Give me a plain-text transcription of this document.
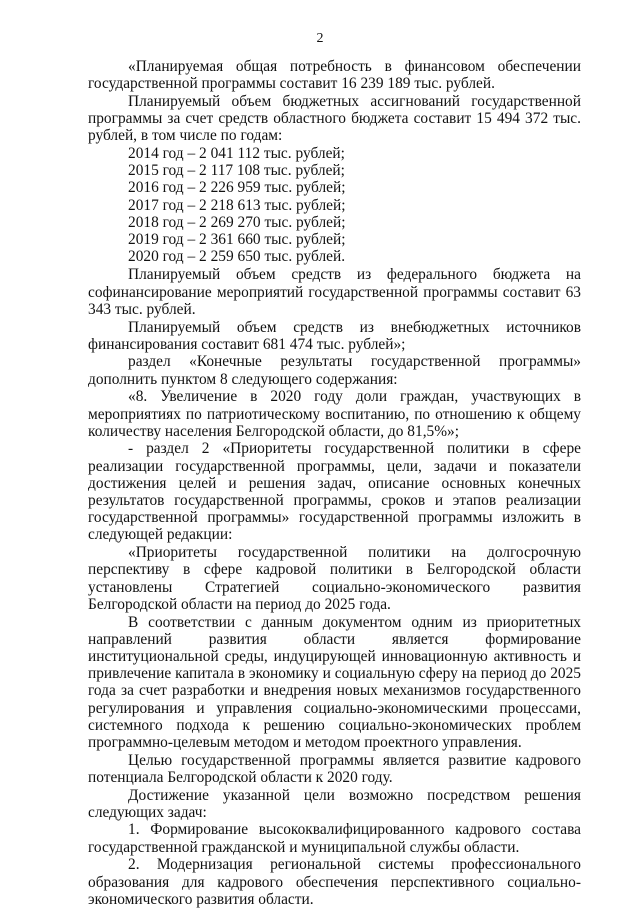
2

«Планируемая общая потребность в финансовом обеспечении государственной программы составит 16 239 189 тыс. рублей.

Планируемый объем бюджетных ассигнований государственной программы за счет средств областного бюджета составит 15 494 372 тыс. рублей, в том числе по годам:

2014 год – 2 041 112 тыс. рублей;
2015 год – 2 117 108 тыс. рублей;
2016 год – 2 226 959 тыс. рублей;
2017 год – 2 218 613 тыс. рублей;
2018 год – 2 269 270 тыс. рублей;
2019 год – 2 361 660 тыс. рублей;
2020 год – 2 259 650 тыс. рублей.

Планируемый объем средств из федерального бюджета на софинансирование мероприятий государственной программы составит 63 343 тыс. рублей.

Планируемый объем средств из внебюджетных источников финансирования составит 681 474 тыс. рублей»;

раздел «Конечные результаты государственной программы» дополнить пунктом 8 следующего содержания:

«8. Увеличение в 2020 году доли граждан, участвующих в мероприятиях по патриотическому воспитанию, по отношению к общему количеству населения Белгородской области, до 81,5%»;

- раздел 2 «Приоритеты государственной политики в сфере реализации государственной программы, цели, задачи и показатели достижения целей и решения задач, описание основных конечных результатов государственной программы, сроков и этапов реализации государственной программы» государственной программы изложить в следующей редакции:

«Приоритеты государственной политики на долгосрочную перспективу в сфере кадровой политики в Белгородской области установлены Стратегией социально-экономического развития Белгородской области на период до 2025 года.

В соответствии с данным документом одним из приоритетных направлений развития области является формирование институциональной среды, индуцирующей инновационную активность и привлечение капитала в экономику и социальную сферу на период до 2025 года за счет разработки и внедрения новых механизмов государственного регулирования и управления социально-экономическими процессами, системного подхода к решению социально-экономических проблем программно-целевым методом и методом проектного управления.

Целью государственной программы является развитие кадрового потенциала Белгородской области к 2020 году.

Достижение указанной цели возможно посредством решения следующих задач:

1. Формирование высококвалифицированного кадрового состава государственной гражданской и муниципальной службы области.

2. Модернизация региональной системы профессионального образования для кадрового обеспечения перспективного социально-экономического развития области.
